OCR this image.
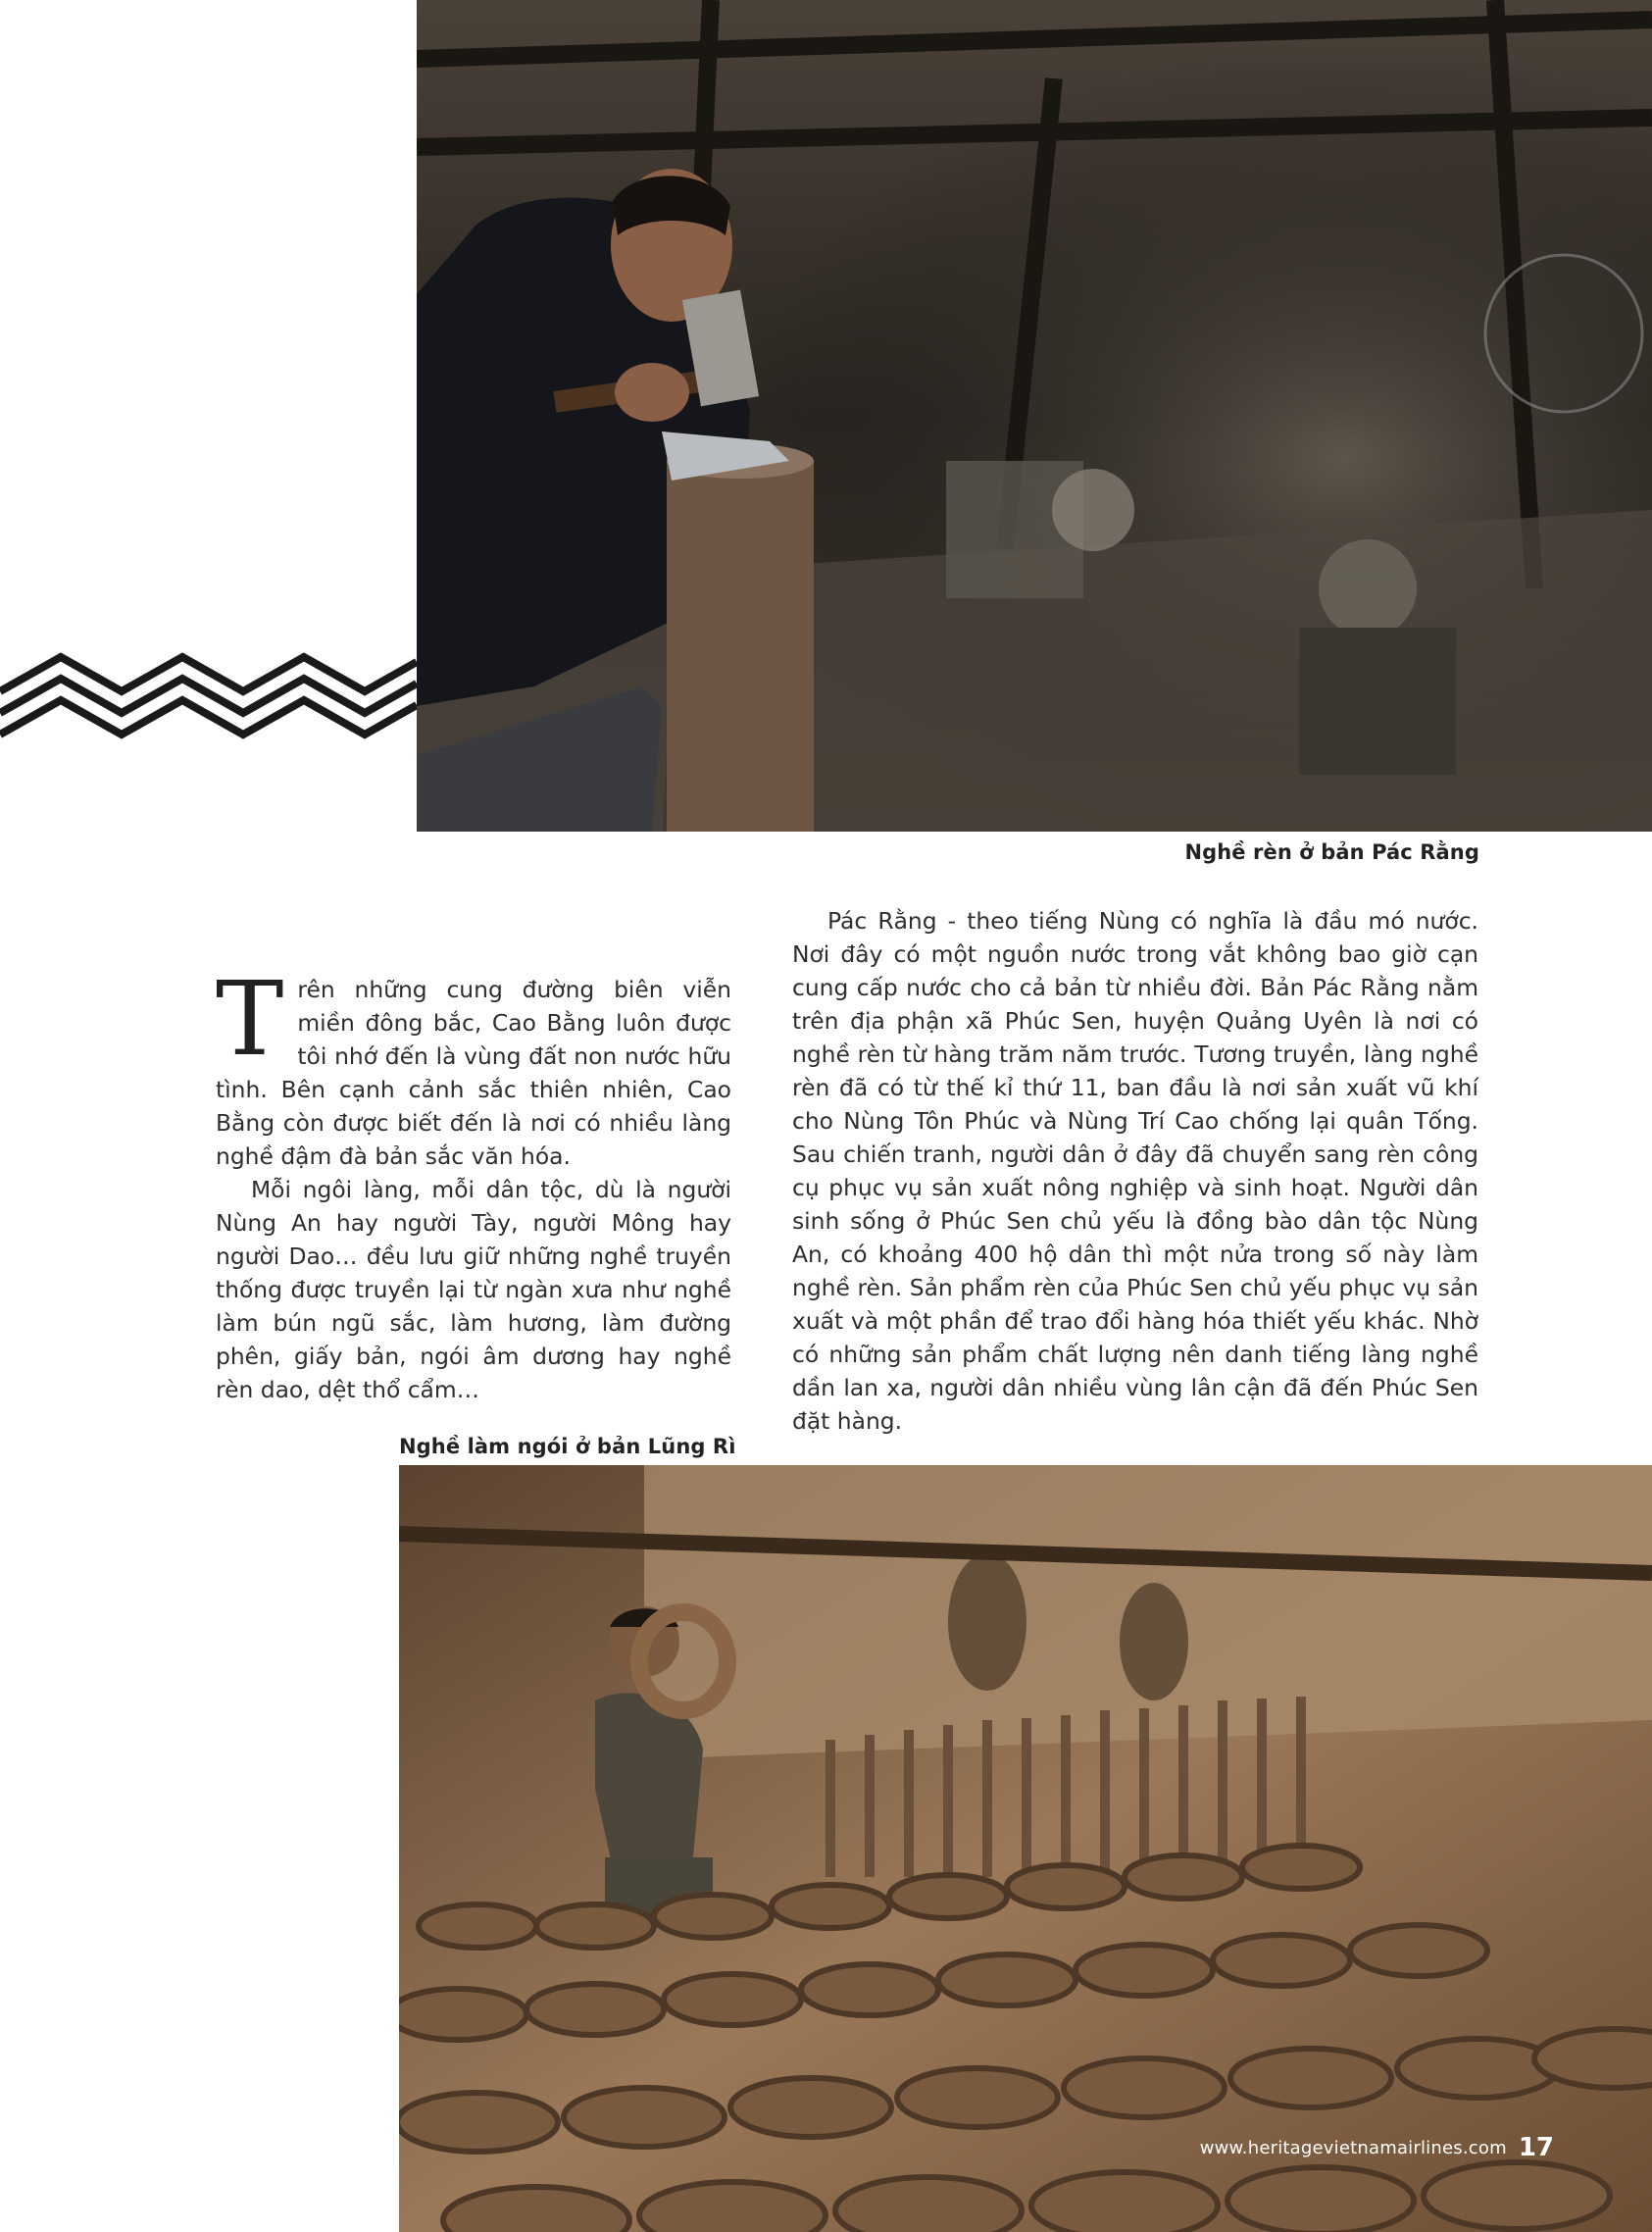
Nghề rèn ở bản Pác Rằng

Trên những cung đường biên viễn miền đông bắc, Cao Bằng luôn được tôi nhớ đến là vùng đất non nước hữu tình. Bên cạnh cảnh sắc thiên nhiên, Cao Bằng còn được biết đến là nơi có nhiều làng nghề đậm đà bản sắc văn hóa.

Mỗi ngôi làng, mỗi dân tộc, dù là người Nùng An hay người Tày, người Mông hay người Dao… đều lưu giữ những nghề truyền thống được truyền lại từ ngàn xưa như nghề làm bún ngũ sắc, làm hương, làm đường phên, giấy bản, ngói âm dương hay nghề rèn dao, dệt thổ cẩm…

Pác Rằng - theo tiếng Nùng có nghĩa là đầu mó nước. Nơi đây có một nguồn nước trong vắt không bao giờ cạn cung cấp nước cho cả bản từ nhiều đời. Bản Pác Rằng nằm trên địa phận xã Phúc Sen, huyện Quảng Uyên là nơi có nghề rèn từ hàng trăm năm trước. Tương truyền, làng nghề rèn đã có từ thế kỉ thứ 11, ban đầu là nơi sản xuất vũ khí cho Nùng Tôn Phúc và Nùng Trí Cao chống lại quân Tống. Sau chiến tranh, người dân ở đây đã chuyển sang rèn công cụ phục vụ sản xuất nông nghiệp và sinh hoạt. Người dân sinh sống ở Phúc Sen chủ yếu là đồng bào dân tộc Nùng An, có khoảng 400 hộ dân thì một nửa trong số này làm nghề rèn. Sản phẩm rèn của Phúc Sen chủ yếu phục vụ sản xuất và một phần để trao đổi hàng hóa thiết yếu khác. Nhờ có những sản phẩm chất lượng nên danh tiếng làng nghề dần lan xa, người dân nhiều vùng lân cận đã đến Phúc Sen đặt hàng.

Nghề làm ngói ở bản Lũng Rì
www.heritagevietnamairlines.com 17
